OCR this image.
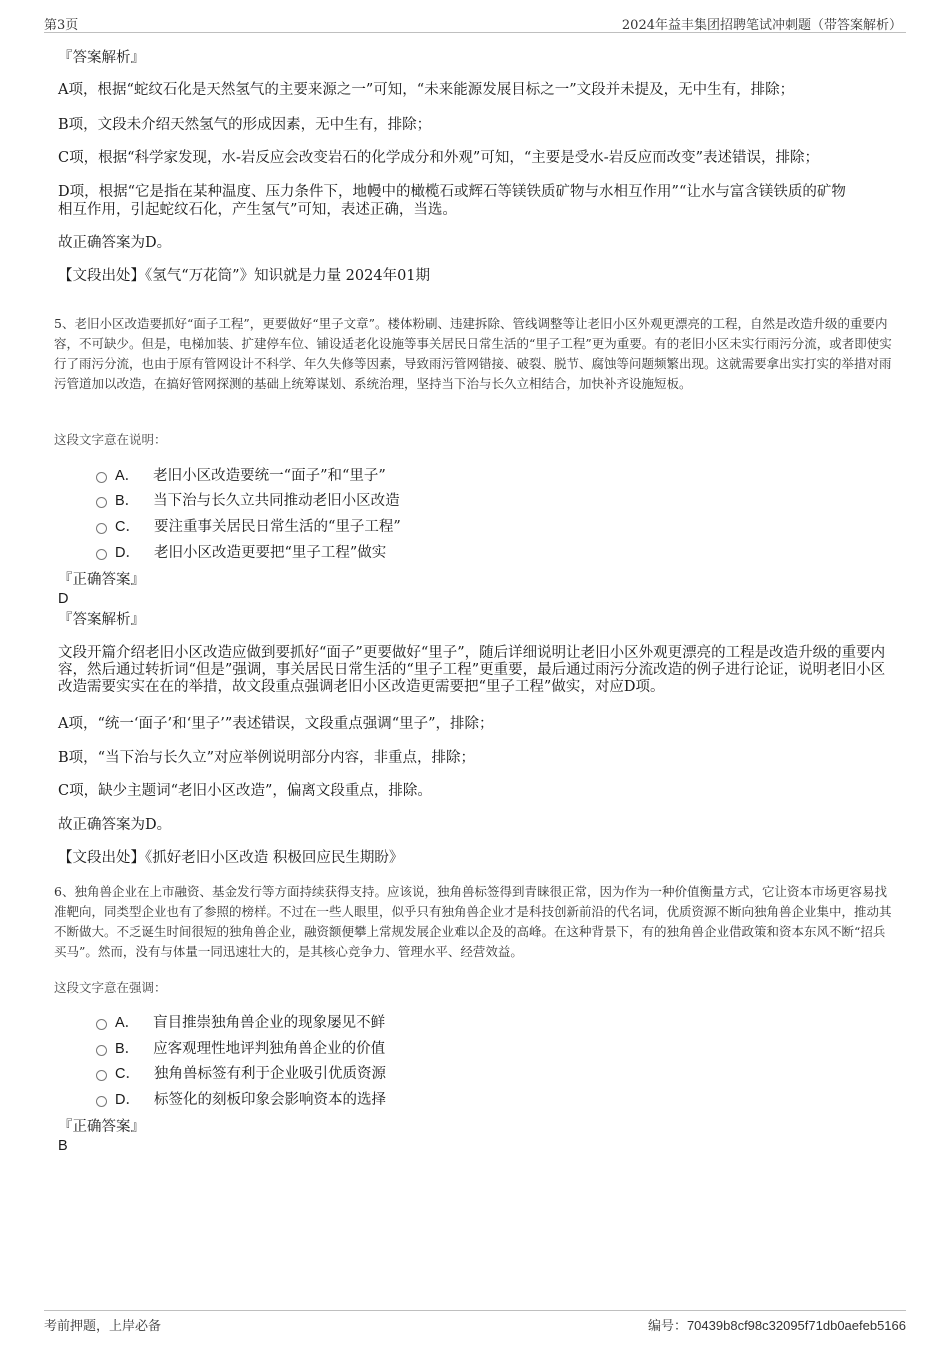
第3页	2024年益丰集团招聘笔试冲刺题（带答案解析）
『答案解析』
A项，根据“蛇纹石化是天然氢气的主要来源之一”可知，“未来能源发展目标之一”文段并未提及，无中生有，排除；
B项，文段未介绍天然氢气的形成因素，无中生有，排除；
C项，根据“科学家发现，水-岩反应会改变岩石的化学成分和外观”可知，“主要是受水-岩反应而改变”表述错误，排除；
D项，根据“它是指在某种温度、压力条件下，地幔中的橄榄石或辉石等镁铁质矿物与水相互作用”“让水与富含镁铁质的矿物
相互作用，引起蛇纹石化，产生氢气”可知，表述正确，当选。
故正确答案为D。
【文段出处】《氢气“万花筒”》知识就是力量 2024年01期
5、老旧小区改造要抓好“面子工程”，更要做好“里子文章”。楼体粉刷、违建拆除、管线调整等让老旧小区外观更漂亮的工程，自然是改造升级的重要内容，不可缺少。但是，电梯加装、扩建停车位、铺设适老化设施等事关居民日常生活的“里子工程”更为重要。有的老旧小区未实行雨污分流，或者即使实行了雨污分流，也由于原有管网设计不科学、年久失修等因素，导致雨污管网错接、破裂、脱节、腐蚀等问题频繁出现。这就需要拿出实打实的举措对雨污管道加以改造，在搞好管网探测的基础上统筹谋划、系统治理，坚持当下治与长久立相结合，加快补齐设施短板。
这段文字意在说明：
A． 老旧小区改造要统一“面子”和“里子”
B． 当下治与长久立共同推动老旧小区改造
C． 要注重事关居民日常生活的“里子工程”
D． 老旧小区改造更要把“里子工程”做实
『正确答案』
D
『答案解析』
文段开篇介绍老旧小区改造应做到要抓好“面子”更要做好“里子”，随后详细说明让老旧小区外观更漂亮的工程是改造升级的重要内容，然后通过转折词“但是”强调，事关居民日常生活的“里子工程”更重要，最后通过雨污分流改造的例子进行论证，说明老旧小区改造需要实实在在的举措，故文段重点强调老旧小区改造更需要把“里子工程”做实，对应D项。
A项，“统一‘面子’和‘里子’”表述错误，文段重点强调“里子”，排除；
B项，“当下治与长久立”对应举例说明部分内容，非重点，排除；
C项，缺少主题词“老旧小区改造”，偏离文段重点，排除。
故正确答案为D。
【文段出处】《抓好老旧小区改造 积极回应民生期盼》
6、独角兽企业在上市融资、基金发行等方面持续获得支持。应该说，独角兽标签得到青睐很正常，因为作为一种价值衡量方式，它让资本市场更容易找准靶向，同类型企业也有了参照的榜样。不过在一些人眼里，似乎只有独角兽企业才是科技创新前沿的代名词，优质资源不断向独角兽企业集中，推动其不断做大。不乏诞生时间很短的独角兽企业，融资额便攀上常规发展企业难以企及的高峰。在这种背景下，有的独角兽企业借政策和资本东风不断“招兵买马”。然而，没有与体量一同迅速壮大的，是其核心竞争力、管理水平、经营效益。
这段文字意在强调：
A． 盲目推崇独角兽企业的现象屡见不鲜
B． 应客观理性地评判独角兽企业的价值
C． 独角兽标签有利于企业吸引优质资源
D． 标签化的刻板印象会影响资本的选择
『正确答案』
B
考前押题，上岸必备	编号：70439b8cf98c32095f71db0aefeb5166
